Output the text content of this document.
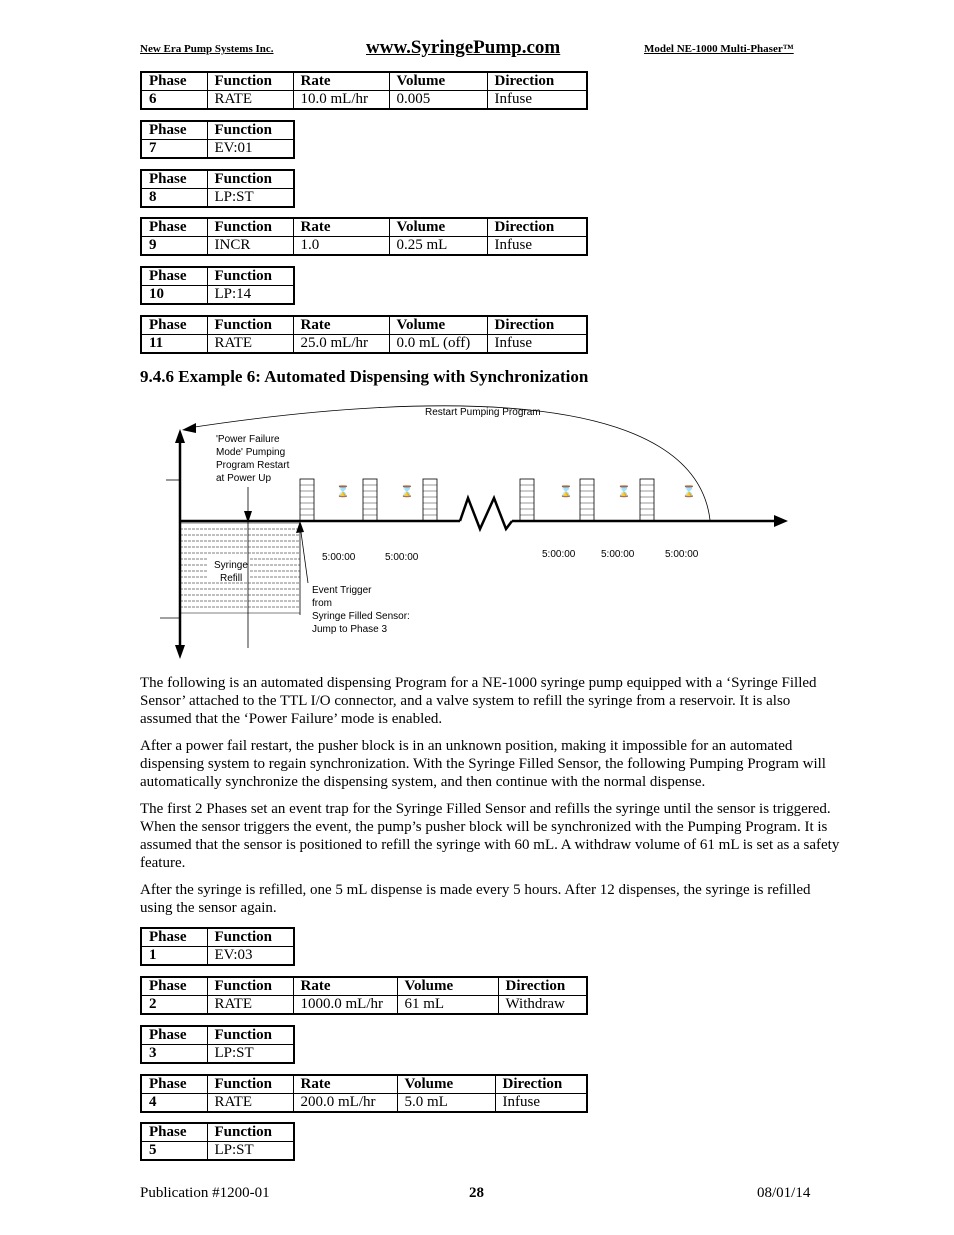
New Era Pump Systems Inc.	www.SyringePump.com	Model NE-1000 Multi-Phaser™
Phase	Function	Rate	Volume	Direction
6	RATE	10.0 mL/hr	0.005	Infuse
Phase	Function
7	EV:01
Phase	Function
8	LP:ST
Phase	Function	Rate	Volume	Direction
9	INCR	1.0	0.25 mL	Infuse
Phase	Function
10	LP:14
Phase	Function	Rate	Volume	Direction
11	RATE	25.0 mL/hr	0.0 mL (off)	Infuse
9.4.6 Example 6: Automated Dispensing with Synchronization
Restart Pumping Program
Syringe
Refill
'Power Failure
Mode' Pumping
Program Restart
at Power Up
Event Trigger
from
Syringe Filled Sensor:
Jump to Phase 3
⌛	⌛	⌛	⌛	⌛
5:00:00	5:00:00	5:00:00	5:00:00	5:00:00
The following is an automated dispensing Program for a NE-1000 syringe pump equipped with a ‘Syringe Filled Sensor’ attached to the TTL I/O connector, and a valve system to refill the syringe from a reservoir. It is also assumed that the ‘Power Failure’ mode is enabled.
After a power fail restart, the pusher block is in an unknown position, making it impossible for an automated dispensing system to regain synchronization. With the Syringe Filled Sensor, the following Pumping Program will automatically synchronize the dispensing system, and then continue with the normal dispense.
The first 2 Phases set an event trap for the Syringe Filled Sensor and refills the syringe until the sensor is triggered. When the sensor triggers the event, the pump’s pusher block will be synchronized with the Pumping Program. It is assumed that the sensor is positioned to refill the syringe with 60 mL. A withdraw volume of 61 mL is set as a safety feature.
After the syringe is refilled, one 5 mL dispense is made every 5 hours. After 12 dispenses, the syringe is refilled using the sensor again.
Phase	Function
1	EV:03
Phase	Function	Rate	Volume	Direction
2	RATE	1000.0 mL/hr	61 mL	Withdraw
Phase	Function
3	LP:ST
Phase	Function	Rate	Volume	Direction
4	RATE	200.0 mL/hr	5.0 mL	Infuse
Phase	Function
5	LP:ST
Publication #1200-01	28	08/01/14
